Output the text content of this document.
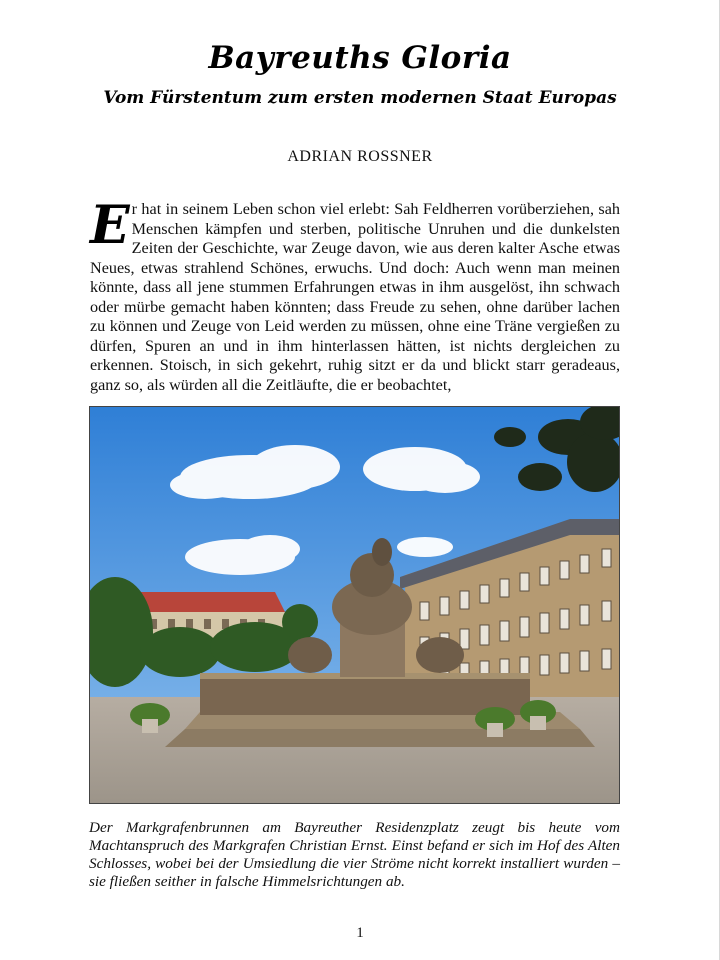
Bayreuths Gloria
Vom Fürstentum zum ersten modernen Staat Europas
ADRIAN ROSSNER
E r hat in seinem Leben schon viel erlebt: Sah Feldherren vorüberziehen, sah Menschen kämpfen und sterben, politische Unruhen und die dunkelsten Zeiten der Geschichte, war Zeuge davon, wie aus deren kalter Asche etwas Neues, etwas strahlend Schönes, erwuchs. Und doch: Auch wenn man meinen könnte, dass all jene stummen Erfahrungen etwas in ihm ausgelöst, ihn schwach oder mürbe gemacht haben könnten; dass Freude zu sehen, ohne darüber lachen zu können und Zeuge von Leid werden zu müssen, ohne eine Träne vergießen zu dürfen, Spuren an und in ihm hinterlassen hätten, ist nichts dergleichen zu erkennen. Stoisch, in sich gekehrt, ruhig sitzt er da und blickt starr geradeaus, ganz so, als würden all die Zeitläufte, die er beobachtet,
Der Markgrafenbrunnen am Bayreuther Residenzplatz zeugt bis heute vom Machtanspruch des Markgrafen Christian Ernst. Einst befand er sich im Hof des Alten Schlosses, wobei bei der Umsiedlung die vier Ströme nicht korrekt installiert wurden – sie fließen seither in falsche Himmelsrichtungen ab.
1
